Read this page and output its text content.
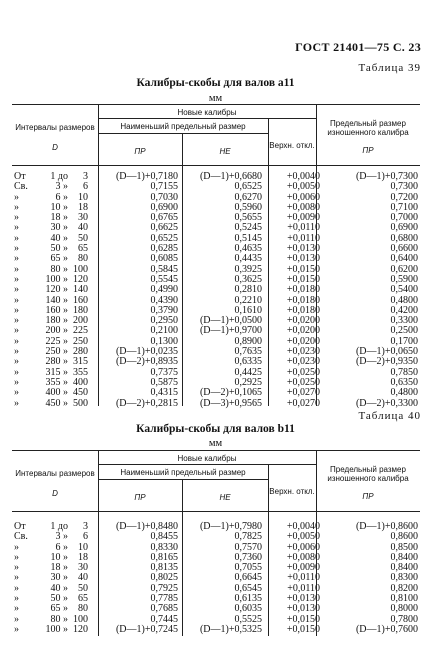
ГОСТ 21401—75 С. 23
Таблица 39
Калибры-скобы для валов a11
мм
Интервалы размеров
D
Новые калибры
Наименьший предельный размер
ПР	НЕ
Верхн. откл.
Предельный размер изношенного калибра
ПР
От	1 до	3	(D—1)+0,7180	(D—1)+0,6680	+0,0040	(D—1)+0,7300
Св.	3 »	6	0,7155	0,6525	+0,0050	0,7300
»	6 »	10	0,7030	0,6270	+0,0060	0,7200
»	10 »	18	0,6900	0,5960	+0,0080	0,7100
»	18 »	30	0,6765	0,5655	+0,0090	0,7000
»	30 »	40	0,6625	0,5245	+0,0110	0,6900
»	40 »	50	0,6525	0,5145	+0,0110	0,6800
»	50 »	65	0,6285	0,4635	+0,0130	0,6600
»	65 »	80	0,6085	0,4435	+0,0130	0,6400
»	80 » 100	0,5845	0,3925	+0,0150	0,6200
»	100 » 120	0,5545	0,3625	+0,0150	0,5900
»	120 » 140	0,4990	0,2810	+0,0180	0,5400
»	140 » 160	0,4390	0,2210	+0,0180	0,4800
»	160 » 180	0,3790	0,1610	+0,0180	0,4200
»	180 » 200	0,2950	(D—1)+0,0500	+0,0200	0,3300
»	200 » 225	0,2100	(D—1)+0,9700	+0,0200	0,2500
»	225 » 250	0,1300	0,8900	+0,0200	0,1700
»	250 » 280	(D—1)+0,0235	0,7635	+0,0230	(D—1)+0,0650
»	280 » 315	(D—2)+0,8935	0,6335	+0,0230	(D—2)+0,9350
»	315 » 355	0,7375	0,4425	+0,0250	0,7850
»	355 » 400	0,5875	0,2925	+0,0250	0,6350
»	400 » 450	0,4315	(D—2)+0,1065	+0,0270	0,4800
»	450 » 500	(D—2)+0,2815	(D—3)+0,9565	+0,0270	(D—2)+0,3300
Таблица 40
Калибры-скобы для валов b11
мм
Интервалы размеров
D
Новые калибры
Наименьший предельный размер
ПР	НЕ
Верхн. откл.
Предельный размер изношенного калибра
ПР
От	1 до	3	(D—1)+0,8480	(D—1)+0,7980	+0,0040	(D—1)+0,8600
Св.	3 »	6	0,8455	0,7825	+0,0050	0,8600
»	6 »	10	0,8330	0,7570	+0,0060	0,8500
»	10 »	18	0,8165	0,7360	+0,0080	0,8400
»	18 »	30	0,8135	0,7055	+0,0090	0,8400
»	30 »	40	0,8025	0,6645	+0,0110	0,8300
»	40 »	50	0,7925	0,6545	+0,0110	0,8200
»	50 »	65	0,7785	0,6135	+0,0130	0,8100
»	65 »	80	0,7685	0,6035	+0,0130	0,8000
»	80 » 100	0,7445	0,5525	+0,0150	0,7800
»	100 » 120	(D—1)+0,7245	(D—1)+0,5325	+0,0150	(D—1)+0,7600
